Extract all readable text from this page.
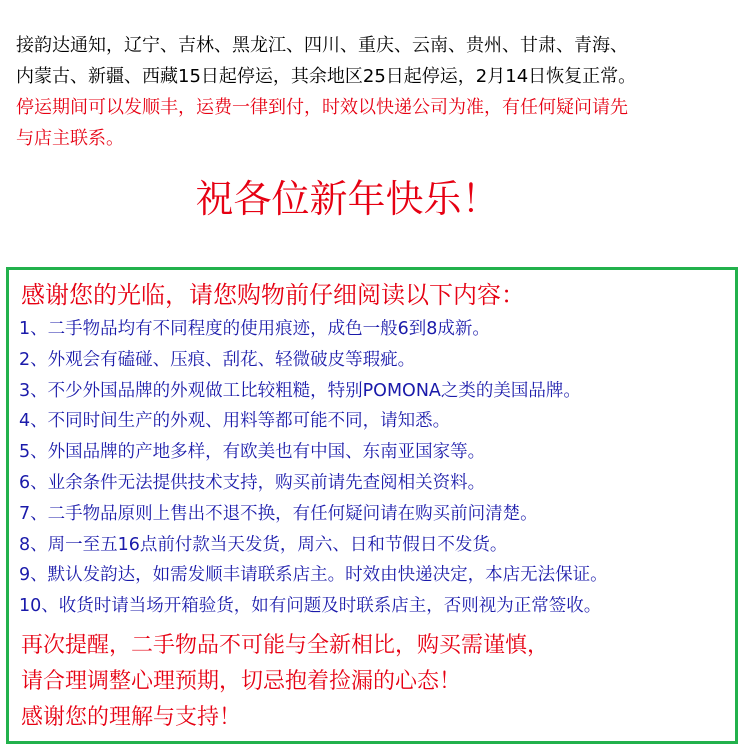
接韵达通知，辽宁、吉林、黑龙江、四川、重庆、云南、贵州、甘肃、青海、
内蒙古、新疆、西藏15日起停运，其余地区25日起停运，2月14日恢复正常。
停运期间可以发顺丰，运费一律到付，时效以快递公司为准，有任何疑问请先
与店主联系。
祝各位新年快乐！
感谢您的光临，请您购物前仔细阅读以下内容：
1、二手物品均有不同程度的使用痕迹，成色一般6到8成新。
2、外观会有磕碰、压痕、刮花、轻微破皮等瑕疵。
3、不少外国品牌的外观做工比较粗糙，特别POMONA之类的美国品牌。
4、不同时间生产的外观、用料等都可能不同，请知悉。
5、外国品牌的产地多样，有欧美也有中国、东南亚国家等。
6、业余条件无法提供技术支持，购买前请先查阅相关资料。
7、二手物品原则上售出不退不换，有任何疑问请在购买前问清楚。
8、周一至五16点前付款当天发货，周六、日和节假日不发货。
9、默认发韵达，如需发顺丰请联系店主。时效由快递决定，本店无法保证。
10、收货时请当场开箱验货，如有问题及时联系店主，否则视为正常签收。
再次提醒，二手物品不可能与全新相比，购买需谨慎，
请合理调整心理预期，切忌抱着捡漏的心态！
感谢您的理解与支持！
